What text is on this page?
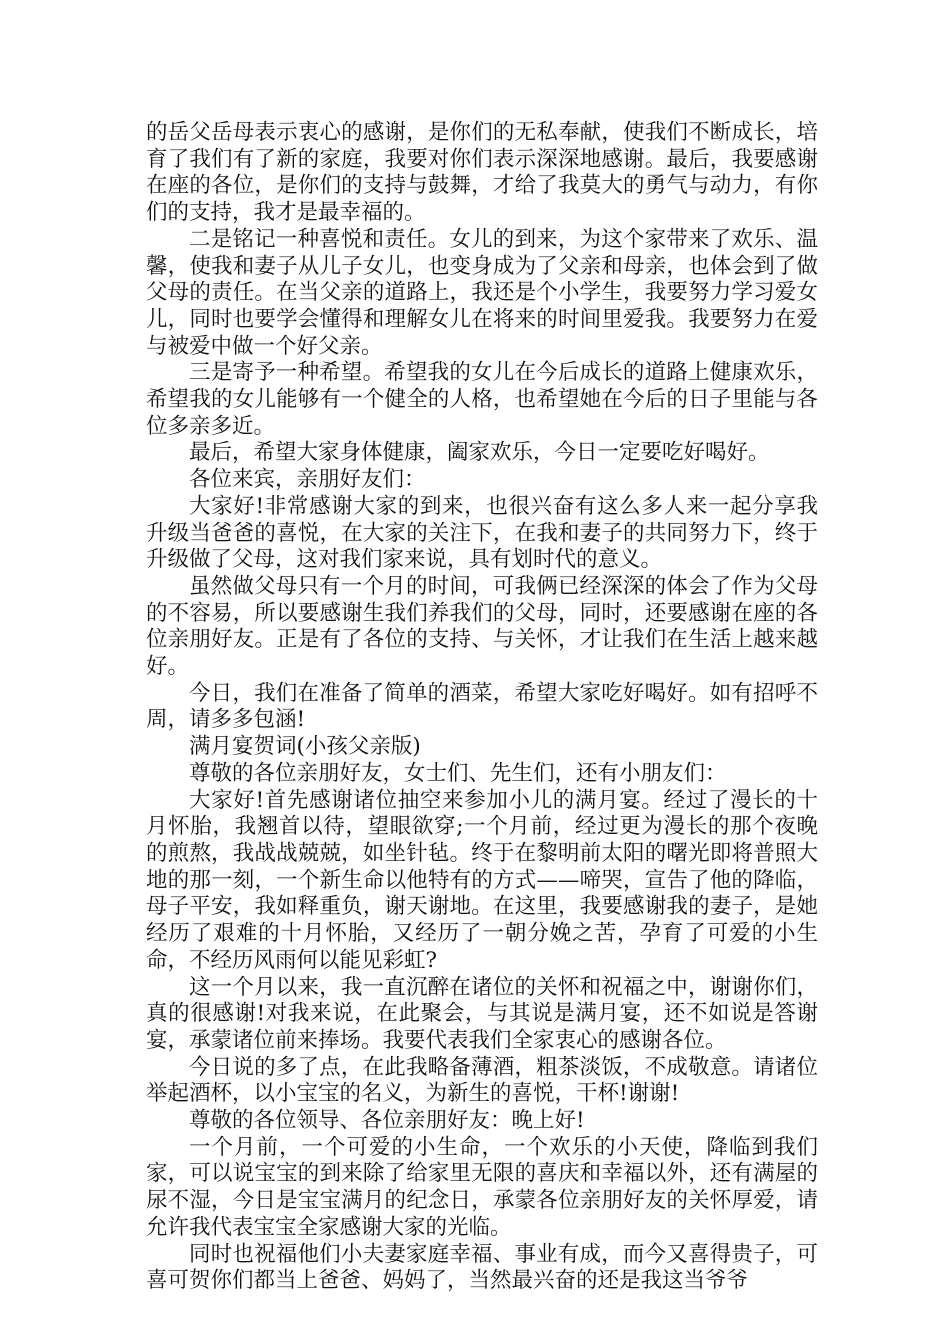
的岳父岳母表示衷心的感谢，是你们的无私奉献，使我们不断成长，培育了我们有了新的家庭，我要对你们表示深深地感谢。最后，我要感谢在座的各位，是你们的支持与鼓舞，才给了我莫大的勇气与动力，有你们的支持，我才是最幸福的。

二是铭记一种喜悦和责任。女儿的到来，为这个家带来了欢乐、温馨，使我和妻子从儿子女儿，也变身成为了父亲和母亲，也体会到了做父母的责任。在当父亲的道路上，我还是个小学生，我要努力学习爱女儿，同时也要学会懂得和理解女儿在将来的时间里爱我。我要努力在爱与被爱中做一个好父亲。

三是寄予一种希望。希望我的女儿在今后成长的道路上健康欢乐，希望我的女儿能够有一个健全的人格，也希望她在今后的日子里能与各位多亲多近。

最后，希望大家身体健康，阖家欢乐，今日一定要吃好喝好。

各位来宾，亲朋好友们：

大家好!非常感谢大家的到来，也很兴奋有这么多人来一起分享我升级当爸爸的喜悦，在大家的关注下，在我和妻子的共同努力下，终于升级做了父母，这对我们家来说，具有划时代的意义。

虽然做父母只有一个月的时间，可我俩已经深深的体会了作为父母的不容易，所以要感谢生我们养我们的父母，同时，还要感谢在座的各位亲朋好友。正是有了各位的支持、与关怀，才让我们在生活上越来越好。

今日，我们在准备了简单的酒菜，希望大家吃好喝好。如有招呼不周，请多多包涵!

满月宴贺词(小孩父亲版)

尊敬的各位亲朋好友，女士们、先生们，还有小朋友们：

大家好!首先感谢诸位抽空来参加小儿的满月宴。经过了漫长的十月怀胎，我翘首以待，望眼欲穿;一个月前，经过更为漫长的那个夜晚的煎熬，我战战兢兢，如坐针毡。终于在黎明前太阳的曙光即将普照大地的那一刻，一个新生命以他特有的方式——啼哭，宣告了他的降临，母子平安，我如释重负，谢天谢地。在这里，我要感谢我的妻子，是她经历了艰难的十月怀胎，又经历了一朝分娩之苦，孕育了可爱的小生命，不经历风雨何以能见彩虹?

这一个月以来，我一直沉醉在诸位的关怀和祝福之中，谢谢你们，真的很感谢!对我来说，在此聚会，与其说是满月宴，还不如说是答谢宴，承蒙诸位前来捧场。我要代表我们全家衷心的感谢各位。

今日说的多了点，在此我略备薄酒，粗茶淡饭，不成敬意。请诸位举起酒杯，以小宝宝的名义，为新生的喜悦，干杯!谢谢!

尊敬的各位领导、各位亲朋好友：晚上好!

一个月前，一个可爱的小生命，一个欢乐的小天使，降临到我们家，可以说宝宝的到来除了给家里无限的喜庆和幸福以外，还有满屋的尿不湿，今日是宝宝满月的纪念日，承蒙各位亲朋好友的关怀厚爱，请允许我代表宝宝全家感谢大家的光临。

同时也祝福他们小夫妻家庭幸福、事业有成，而今又喜得贵子，可喜可贺你们都当上爸爸、妈妈了，当然最兴奋的还是我这当爷爷
